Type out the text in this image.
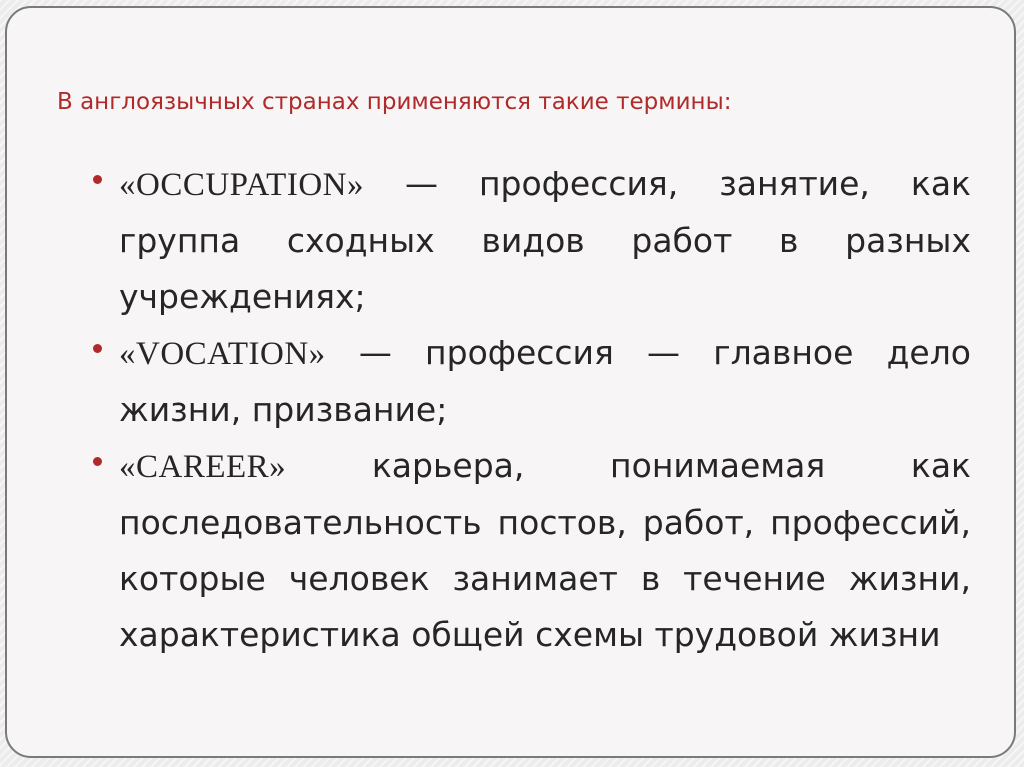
В англоязычных странах применяются такие термины:
«OCCUPATION» — профессия, занятие, как группа сходных видов работ в разных учреждениях;
«VOCATION» — профессия — главное дело жизни, призвание;
«CAREER»	карьера, понимаемая как последовательность постов, работ, профессий, которые человек занимает в течение жизни, характеристика общей схемы трудовой жизни
